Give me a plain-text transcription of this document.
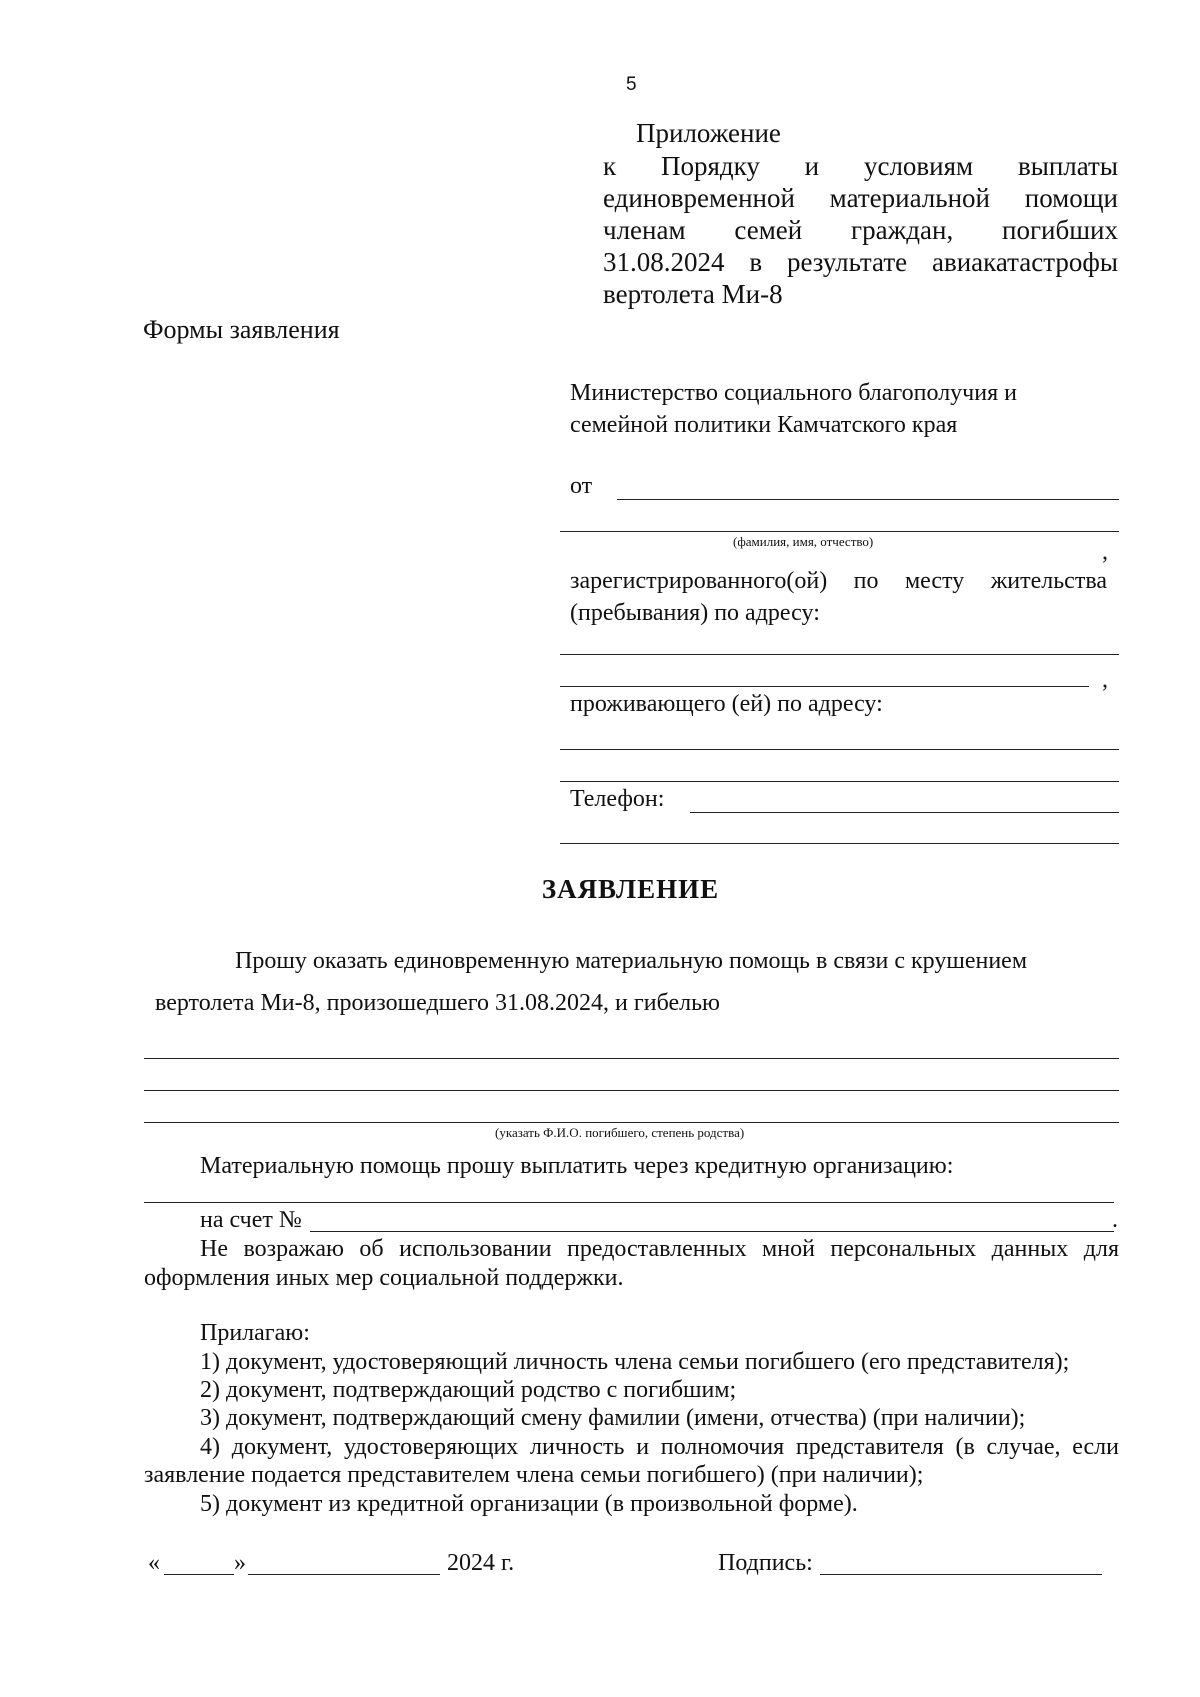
5
Приложение
к Порядку и условиям выплаты
единовременной материальной помощи
членам семей граждан, погибших
31.08.2024 в результате авиакатастрофы
вертолета Ми-8
Формы заявления
Министерство социального благополучия и
семейной политики Камчатского края
от
(фамилия, имя, отчество)	,
зарегистрированного(ой) по месту жительства
(пребывания) по адресу:
,
проживающего (ей) по адресу:
Телефон:
ЗАЯВЛЕНИЕ
Прошу оказать единовременную материальную помощь в связи с крушением
вертолета Ми-8, произошедшего 31.08.2024, и гибелью
(указать Ф.И.О. погибшего, степень родства)
Материальную помощь прошу выплатить через кредитную организацию:
на счет №	.
Не возражаю об использовании предоставленных мной персональных данных для
оформления иных мер социальной поддержки.
Прилагаю:
1) документ, удостоверяющий личность члена семьи погибшего (его представителя);
2) документ, подтверждающий родство с погибшим;
3) документ, подтверждающий смену фамилии (имени, отчества) (при наличии);
4) документ, удостоверяющих личность и полномочия представителя (в случае, если
заявление подается представителем члена семьи погибшего) (при наличии);
5) документ из кредитной организации (в произвольной форме).
«	»	2024 г.	Подпись:
